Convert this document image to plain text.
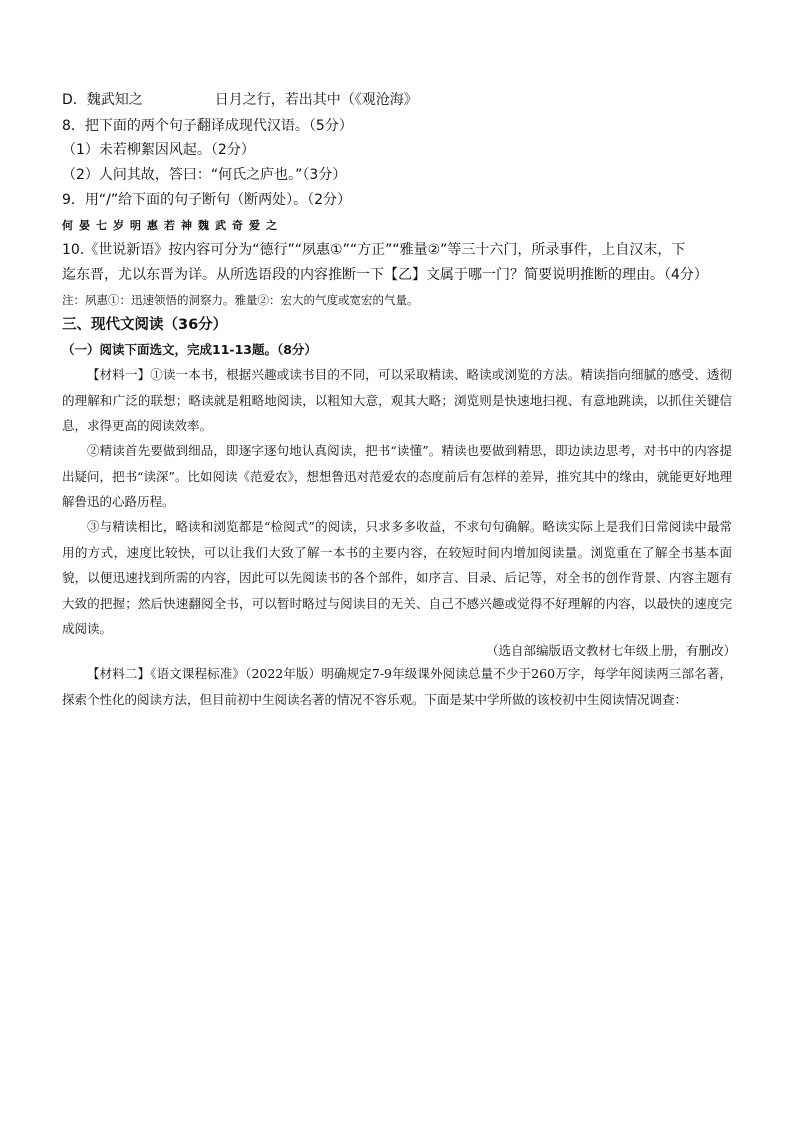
D．魏武知之	日月之行，若出其中（《观沧海》
8．把下面的两个句子翻译成现代汉语。（5分）
（1）未若柳絮因风起。（2分）
（2）人问其故，答曰：“何氏之庐也。”（3分）
9．用“/”给下面的句子断句（断两处）。（2分）
何晏七岁明惠若神魏武奇爱之
10.《世说新语》按内容可分为“德行”“夙惠①”“方正”“雅量②”等三十六门，所录事件，上自汉末，下
迄东晋，尤以东晋为详。从所选语段的内容推断一下【乙】文属于哪一门？简要说明推断的理由。（4分）
注：夙惠①：迅速领悟的洞察力。雅量②：宏大的气度或宽宏的气量。
三、现代文阅读（36分）
（一）阅读下面选文，完成11-13题。（8分）
【材料一】①读一本书，根据兴趣或读书目的不同，可以采取精读、略读或浏览的方法。精读指向细腻的感受、透彻的理解和广泛的联想；略读就是粗略地阅读，以粗知大意，观其大略；浏览则是快速地扫视、有意地跳读，以抓住关键信息，求得更高的阅读效率。
②精读首先要做到细品，即逐字逐句地认真阅读，把书“读懂”。精读也要做到精思，即边读边思考，对书中的内容提出疑问，把书“读深”。比如阅读《范爱农》，想想鲁迅对范爱农的态度前后有怎样的差异，推究其中的缘由，就能更好地理解鲁迅的心路历程。
③与精读相比，略读和浏览都是“检阅式”的阅读，只求多多收益，不求句句确解。略读实际上是我们日常阅读中最常用的方式，速度比较快，可以让我们大致了解一本书的主要内容，在较短时间内增加阅读量。浏览重在了解全书基本面貌，以便迅速找到所需的内容，因此可以先阅读书的各个部件，如序言、目录、后记等，对全书的创作背景、内容主题有大致的把握；然后快速翻阅全书，可以暂时略过与阅读目的无关、自己不感兴趣或觉得不好理解的内容，以最快的速度完成阅读。
（选自部编版语文教材七年级上册，有删改）
【材料二】《语文课程标准》（2022年版）明确规定7-9年级课外阅读总量不少于260万字，每学年阅读两三部名著，探索个性化的阅读方法，但目前初中生阅读名著的情况不容乐观。下面是某中学所做的该校初中生阅读情况调查：
